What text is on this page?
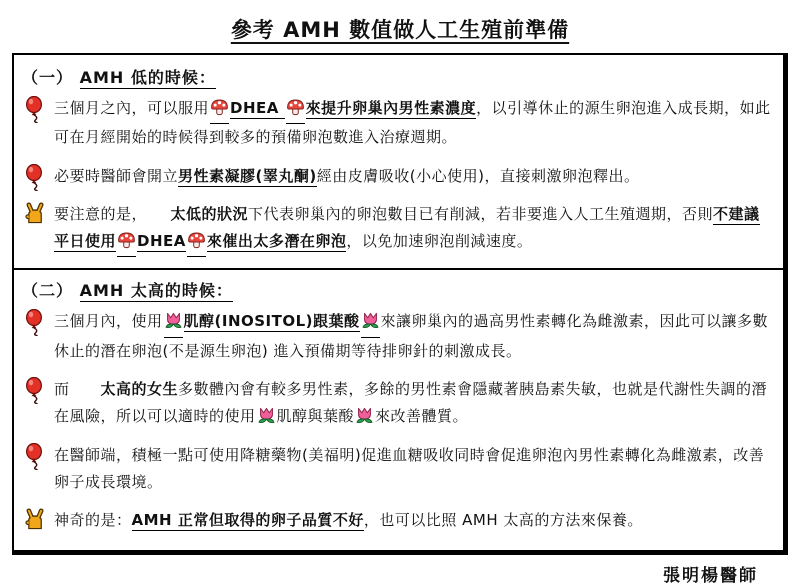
參考 AMH 數值做人工生殖前準備
（一） AMH 低的時候：
三個月之內，可以服用 DHEA 來提升卵巢內男性素濃度，以引導休止的源生卵泡進入成長期，如此可在月經開始的時候得到較多的預備卵泡數進入治療週期。
必要時醫師會開立男性素凝膠(睪丸酮)經由皮膚吸收(小心使用)，直接刺激卵泡釋出。
要注意的是，　　太低的狀況下代表卵巢內的卵泡數目已有削減，若非要進入人工生殖週期，否則不建議平日使用 DHEA 來催出太多潛在卵泡，以免加速卵泡削減速度。
（二） AMH 太高的時候：
三個月內，使用 肌醇(INOSITOL)跟葉酸 來讓卵巢內的過高男性素轉化為雌激素，因此可以讓多數休止的潛在卵泡(不是源生卵泡) 進入預備期等待排卵針的刺激成長。
而　　太高的女生多數體內會有較多男性素，多餘的男性素會隱藏著胰島素失敏，也就是代謝性失調的潛在風險，所以可以適時的使用 肌醇與葉酸 來改善體質。
在醫師端，積極一點可使用降糖藥物(美福明)促進血糖吸收同時會促進卵泡內男性素轉化為雌激素，改善卵子成長環境。
神奇的是：AMH 正常但取得的卵子品質不好，也可以比照 AMH 太高的方法來保養。
張明楊醫師
